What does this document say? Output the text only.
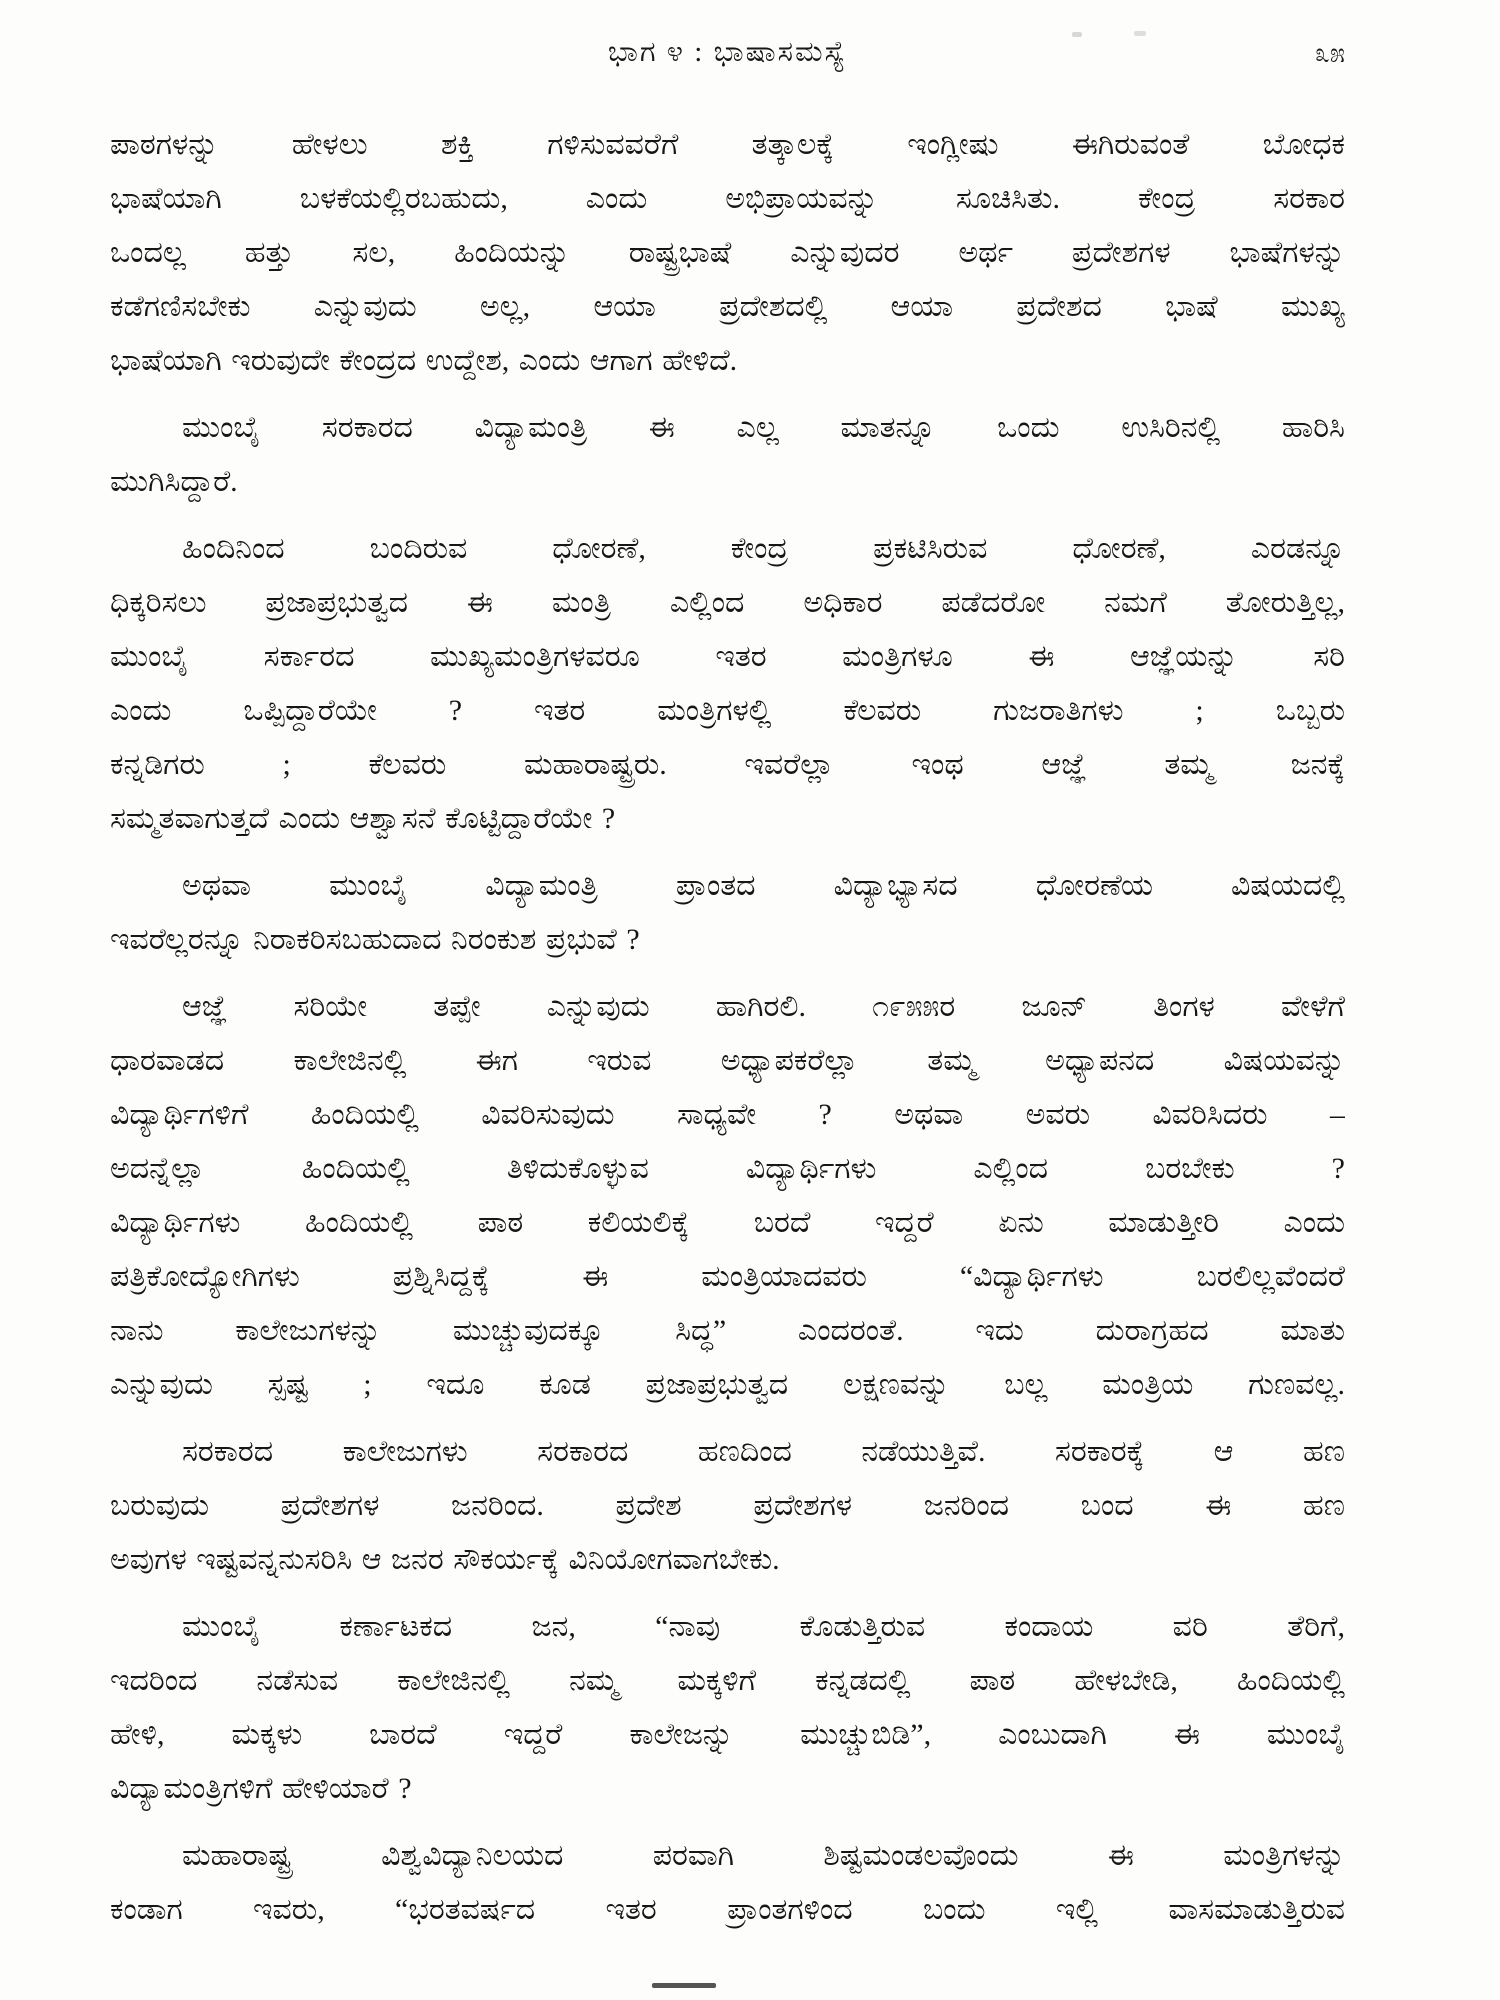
ಭಾಗ ೪ : ಭಾಷಾಸಮಸ್ಯೆ	೩೫
ಪಾಠಗಳನ್ನು ಹೇಳಲು ಶಕ್ತಿ ಗಳಿಸುವವರೆಗೆ ತತ್ಕಾಲಕ್ಕೆ ಇಂಗ್ಲೀಷು ಈಗಿರುವಂತೆ ಬೋಧಕ
ಭಾಷೆಯಾಗಿ ಬಳಕೆಯಲ್ಲಿರಬಹುದು, ಎಂದು ಅಭಿಪ್ರಾಯವನ್ನು ಸೂಚಿಸಿತು. ಕೇಂದ್ರ ಸರಕಾರ
ಒಂದಲ್ಲ ಹತ್ತು ಸಲ, ಹಿಂದಿಯನ್ನು ರಾಷ್ಟ್ರಭಾಷೆ ಎನ್ನುವುದರ ಅರ್ಥ ಪ್ರದೇಶಗಳ ಭಾಷೆಗಳನ್ನು
ಕಡೆಗಣಿಸಬೇಕು ಎನ್ನುವುದು ಅಲ್ಲ, ಆಯಾ ಪ್ರದೇಶದಲ್ಲಿ ಆಯಾ ಪ್ರದೇಶದ ಭಾಷೆ ಮುಖ್ಯ
ಭಾಷೆಯಾಗಿ ಇರುವುದೇ ಕೇಂದ್ರದ ಉದ್ದೇಶ, ಎಂದು ಆಗಾಗ ಹೇಳಿದೆ.
ಮುಂಬೈ ಸರಕಾರದ ವಿದ್ಯಾಮಂತ್ರಿ ಈ ಎಲ್ಲ ಮಾತನ್ನೂ ಒಂದು ಉಸಿರಿನಲ್ಲಿ ಹಾರಿಸಿ
ಮುಗಿಸಿದ್ದಾರೆ.
ಹಿಂದಿನಿಂದ ಬಂದಿರುವ ಧೋರಣೆ, ಕೇಂದ್ರ ಪ್ರಕಟಿಸಿರುವ ಧೋರಣೆ, ಎರಡನ್ನೂ
ಧಿಕ್ಕರಿಸಲು ಪ್ರಜಾಪ್ರಭುತ್ವದ ಈ ಮಂತ್ರಿ ಎಲ್ಲಿಂದ ಅಧಿಕಾರ ಪಡೆದರೋ ನಮಗೆ ತೋರುತ್ತಿಲ್ಲ,
ಮುಂಬೈ ಸರ್ಕಾರದ ಮುಖ್ಯಮಂತ್ರಿಗಳವರೂ ಇತರ ಮಂತ್ರಿಗಳೂ ಈ ಆಜ್ಞೆಯನ್ನು ಸರಿ
ಎಂದು ಒಪ್ಪಿದ್ದಾರೆಯೇ ? ಇತರ ಮಂತ್ರಿಗಳಲ್ಲಿ ಕೆಲವರು ಗುಜರಾತಿಗಳು ; ಒಬ್ಬರು
ಕನ್ನಡಿಗರು ; ಕೆಲವರು ಮಹಾರಾಷ್ಟ್ರರು. ಇವರೆಲ್ಲಾ ಇಂಥ ಆಜ್ಞೆ ತಮ್ಮ ಜನಕ್ಕೆ
ಸಮ್ಮತವಾಗುತ್ತದೆ ಎಂದು ಆಶ್ವಾಸನೆ ಕೊಟ್ಟಿದ್ದಾರೆಯೇ ?
ಅಥವಾ ಮುಂಬೈ ವಿದ್ಯಾಮಂತ್ರಿ ಪ್ರಾಂತದ ವಿದ್ಯಾಭ್ಯಾಸದ ಧೋರಣೆಯ ವಿಷಯದಲ್ಲಿ
ಇವರೆಲ್ಲರನ್ನೂ ನಿರಾಕರಿಸಬಹುದಾದ ನಿರಂಕುಶ ಪ್ರಭುವೆ ?
ಆಜ್ಞೆ ಸರಿಯೇ ತಪ್ಪೇ ಎನ್ನುವುದು ಹಾಗಿರಲಿ. ೧೯೫೫ರ ಜೂನ್ ತಿಂಗಳ ವೇಳೆಗೆ
ಧಾರವಾಡದ ಕಾಲೇಜಿನಲ್ಲಿ ಈಗ ಇರುವ ಅಧ್ಯಾಪಕರೆಲ್ಲಾ ತಮ್ಮ ಅಧ್ಯಾಪನದ ವಿಷಯವನ್ನು
ವಿದ್ಯಾರ್ಥಿಗಳಿಗೆ ಹಿಂದಿಯಲ್ಲಿ ವಿವರಿಸುವುದು ಸಾಧ್ಯವೇ ? ಅಥವಾ ಅವರು ವಿವರಿಸಿದರು –
ಅದನ್ನೆಲ್ಲಾ ಹಿಂದಿಯಲ್ಲಿ ತಿಳಿದುಕೊಳ್ಳುವ ವಿದ್ಯಾರ್ಥಿಗಳು ಎಲ್ಲಿಂದ ಬರಬೇಕು ?
ವಿದ್ಯಾರ್ಥಿಗಳು ಹಿಂದಿಯಲ್ಲಿ ಪಾಠ ಕಲಿಯಲಿಕ್ಕೆ ಬರದೆ ಇದ್ದರೆ ಏನು ಮಾಡುತ್ತೀರಿ ಎಂದು
ಪತ್ರಿಕೋದ್ಯೋಗಿಗಳು ಪ್ರಶ್ನಿಸಿದ್ದಕ್ಕೆ ಈ ಮಂತ್ರಿಯಾದವರು “ವಿದ್ಯಾರ್ಥಿಗಳು ಬರಲಿಲ್ಲವೆಂದರೆ
ನಾನು ಕಾಲೇಜುಗಳನ್ನು ಮುಚ್ಚುವುದಕ್ಕೂ ಸಿದ್ಧ” ಎಂದರಂತೆ. ಇದು ದುರಾಗ್ರಹದ ಮಾತು
ಎನ್ನುವುದು ಸ್ಪಷ್ಟ ; ಇದೂ ಕೂಡ ಪ್ರಜಾಪ್ರಭುತ್ವದ ಲಕ್ಷಣವನ್ನು ಬಲ್ಲ ಮಂತ್ರಿಯ ಗುಣವಲ್ಲ.
ಸರಕಾರದ ಕಾಲೇಜುಗಳು ಸರಕಾರದ ಹಣದಿಂದ ನಡೆಯುತ್ತಿವೆ. ಸರಕಾರಕ್ಕೆ ಆ ಹಣ
ಬರುವುದು ಪ್ರದೇಶಗಳ ಜನರಿಂದ. ಪ್ರದೇಶ ಪ್ರದೇಶಗಳ ಜನರಿಂದ ಬಂದ ಈ ಹಣ
ಅವುಗಳ ಇಷ್ಟವನ್ನನುಸರಿಸಿ ಆ ಜನರ ಸೌಕರ್ಯಕ್ಕೆ ವಿನಿಯೋಗವಾಗಬೇಕು.
ಮುಂಬೈ ಕರ್ಣಾಟಕದ ಜನ, “ನಾವು ಕೊಡುತ್ತಿರುವ ಕಂದಾಯ ವರಿ ತೆರಿಗೆ,
ಇದರಿಂದ ನಡೆಸುವ ಕಾಲೇಜಿನಲ್ಲಿ ನಮ್ಮ ಮಕ್ಕಳಿಗೆ ಕನ್ನಡದಲ್ಲಿ ಪಾಠ ಹೇಳಬೇಡಿ, ಹಿಂದಿಯಲ್ಲಿ
ಹೇಳಿ, ಮಕ್ಕಳು ಬಾರದೆ ಇದ್ದರೆ ಕಾಲೇಜನ್ನು ಮುಚ್ಚುಬಿಡಿ”, ಎಂಬುದಾಗಿ ಈ ಮುಂಬೈ
ವಿದ್ಯಾಮಂತ್ರಿಗಳಿಗೆ ಹೇಳಿಯಾರೆ ?
ಮಹಾರಾಷ್ಟ್ರ ವಿಶ್ವವಿದ್ಯಾನಿಲಯದ ಪರವಾಗಿ ಶಿಷ್ಟಮಂಡಲವೊಂದು ಈ ಮಂತ್ರಿಗಳನ್ನು
ಕಂಡಾಗ ಇವರು, “ಭರತವರ್ಷದ ಇತರ ಪ್ರಾಂತಗಳಿಂದ ಬಂದು ಇಲ್ಲಿ ವಾಸಮಾಡುತ್ತಿರುವ
